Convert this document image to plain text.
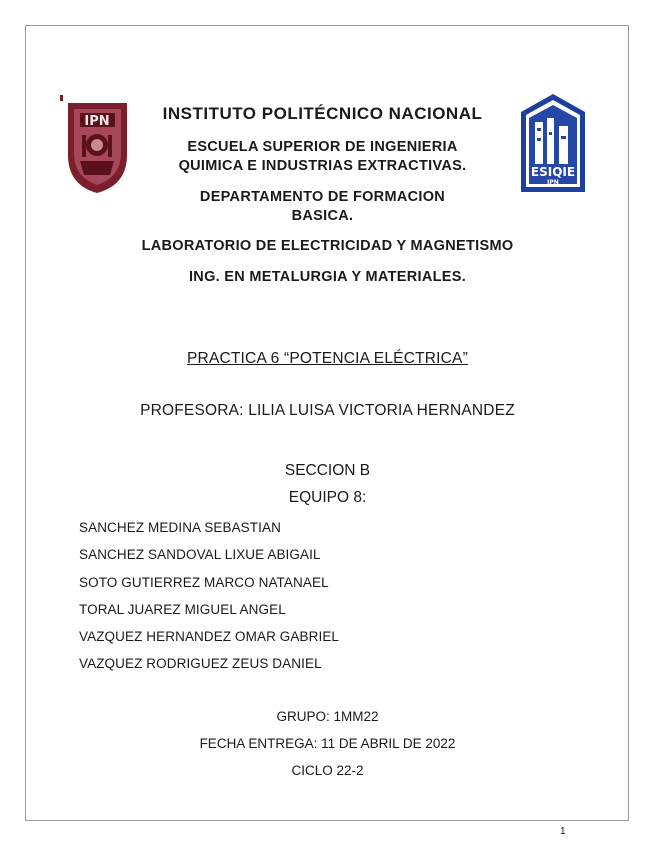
IPN
ESIQIE
IPN
INSTITUTO POLITÉCNICO NACIONAL
ESCUELA SUPERIOR DE INGENIERIA
QUIMICA E INDUSTRIAS EXTRACTIVAS.
DEPARTAMENTO DE FORMACION
BASICA.
LABORATORIO DE ELECTRICIDAD Y MAGNETISMO
ING. EN METALURGIA Y MATERIALES.
PRACTICA 6 “POTENCIA ELÉCTRICA”
PROFESORA: LILIA LUISA VICTORIA HERNANDEZ
SECCION B
EQUIPO 8:
SANCHEZ MEDINA SEBASTIAN
SANCHEZ SANDOVAL LIXUE ABIGAIL
SOTO GUTIERREZ MARCO NATANAEL
TORAL JUAREZ MIGUEL ANGEL
VAZQUEZ HERNANDEZ OMAR GABRIEL
VAZQUEZ RODRIGUEZ ZEUS DANIEL
GRUPO: 1MM22
FECHA ENTREGA: 11 DE ABRIL DE 2022
CICLO 22-2
1
